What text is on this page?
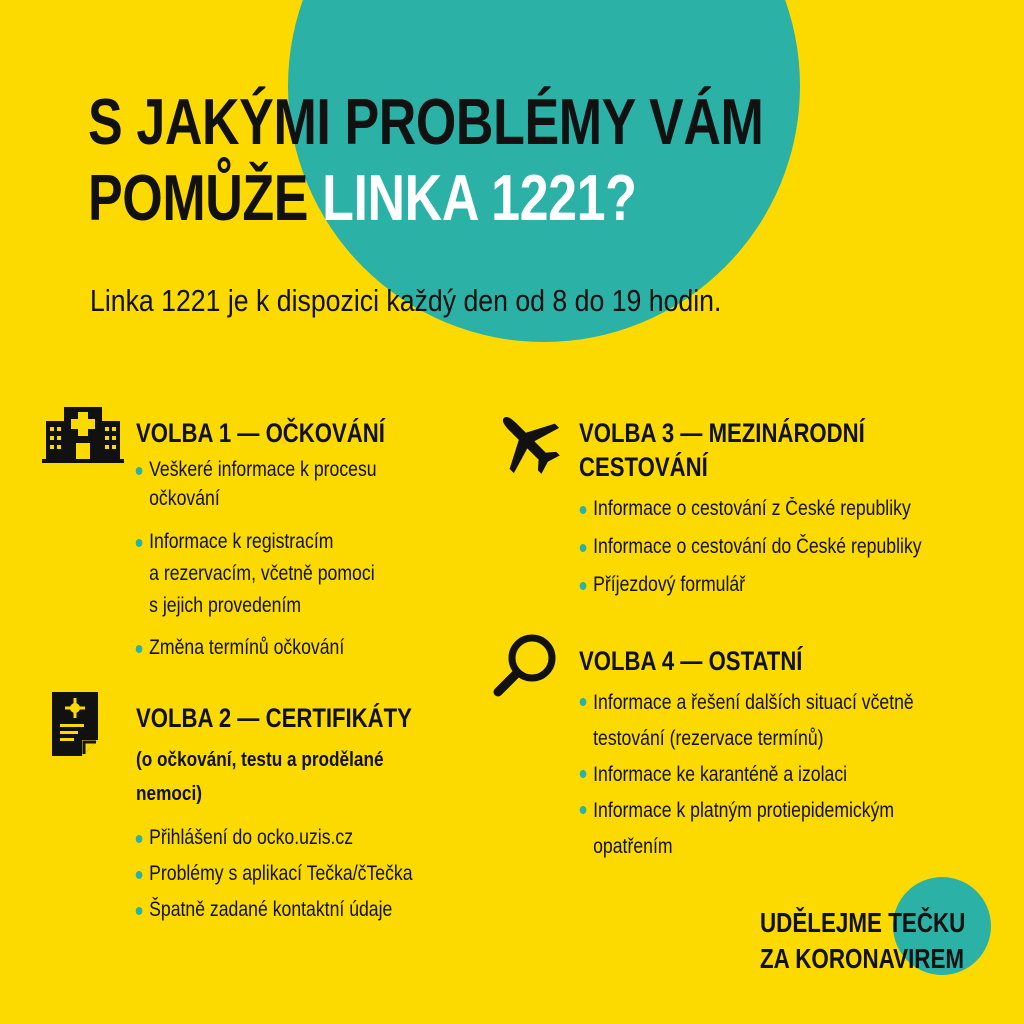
S JAKÝMI PROBLÉMY VÁM
POMŮŽE LINKA 1221?

Linka 1221 je k dispozici každý den od 8 do 19 hodin.

VOLBA 1 — OČKOVÁNÍ
Veškeré informace k procesu
očkování
Informace k registracím
a rezervacím, včetně pomoci
s jejich provedením
Změna termínů očkování
VOLBA 2 — CERTIFIKÁTY

(o očkování, testu a prodělané
nemoci)

Přihlášení do ocko.uzis.cz
Problémy s aplikací Tečka/čTečka
Špatně zadané kontaktní údaje
VOLBA 3 — MEZINÁRODNÍ
CESTOVÁNÍ
Informace o cestování z České republiky
Informace o cestování do České republiky
Příjezdový formulář
VOLBA 4 — OSTATNÍ
Informace a řešení dalších situací včetně
testování (rezervace termínů)
Informace ke karanténě a izolaci
Informace k platným protiepidemickým
opatřením

UDĚLEJME TEČKU
ZA KORONAVIREM
